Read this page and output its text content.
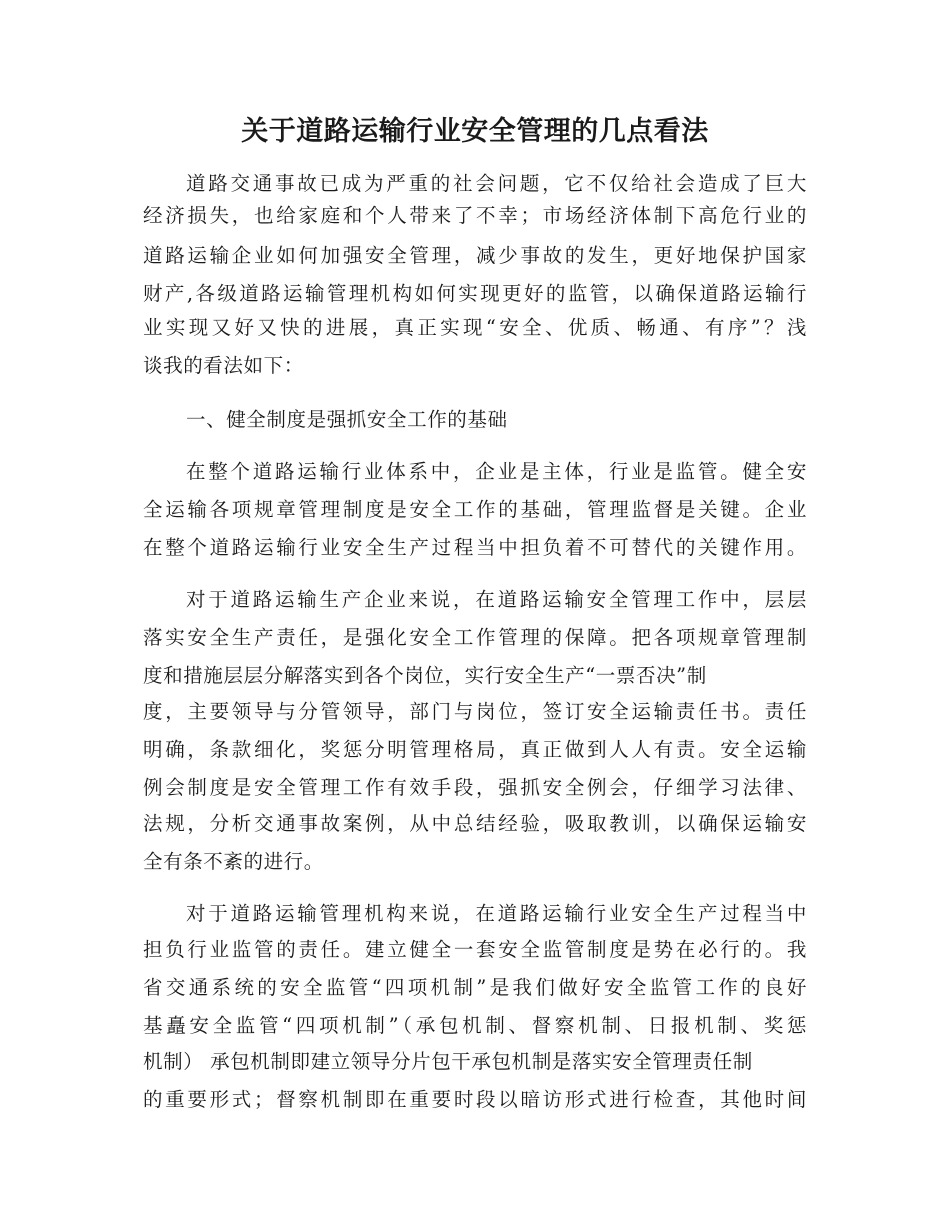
关于道路运输行业安全管理的几点看法
道路交通事故已成为严重的社会问题，它不仅给社会造成了巨大
经济损失，也给家庭和个人带来了不幸；市场经济体制下高危行业的
道路运输企业如何加强安全管理，减少事故的发生，更好地保护国家
财产,各级道路运输管理机构如何实现更好的监管，以确保道路运输行
业实现又好又快的进展，真正实现“安全、优质、畅通、有序”？浅
谈我的看法如下：
一、健全制度是强抓安全工作的基础
在整个道路运输行业体系中，企业是主体，行业是监管。健全安
全运输各项规章管理制度是安全工作的基础，管理监督是关键。企业
在整个道路运输行业安全生产过程当中担负着不可替代的关键作用。
对于道路运输生产企业来说，在道路运输安全管理工作中，层层
落实安全生产责任，是强化安全工作管理的保障。把各项规章管理制
度和措施层层分解落实到各个岗位，实行安全生产“一票否决”制
度，主要领导与分管领导，部门与岗位，签订安全运输责任书。责任
明确，条款细化，奖惩分明管理格局，真正做到人人有责。安全运输
例会制度是安全管理工作有效手段，强抓安全例会，仔细学习法律、
法规，分析交通事故案例，从中总结经验，吸取教训，以确保运输安
全有条不紊的进行。
对于道路运输管理机构来说，在道路运输行业安全生产过程当中
担负行业监管的责任。建立健全一套安全监管制度是势在必行的。我
省交通系统的安全监管“四项机制”是我们做好安全监管工作的良好
基矗安全监管“四项机制”（承包机制、督察机制、日报机制、奖惩
机制） 承包机制即建立领导分片包干承包机制是落实安全管理责任制
的重要形式；督察机制即在重要时段以暗访形式进行检查，其他时间
